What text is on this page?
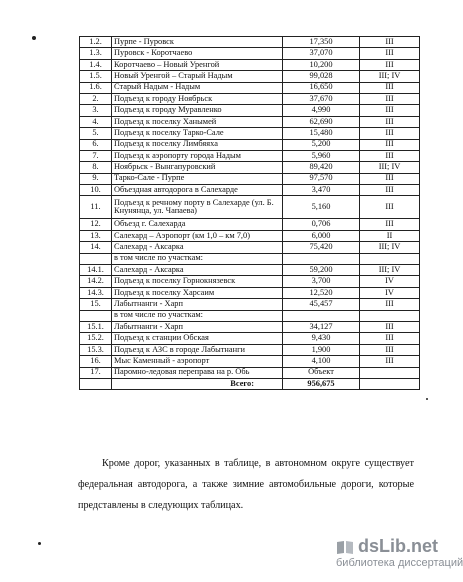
1.2.	Пурпе - Пуровск	17,350	III
1.3.	Пуровск - Коротчаево	37,070	III
1.4.	Коротчаево – Новый Уренгой	10,200	III
1.5.	Новый Уренгой – Старый Надым	99,028	III; IV
1.6.	Старый Надым - Надым	16,650	III
2.	Подъезд к городу Ноябрьск	37,670	III
3.	Подъезд к городу Муравленко	4,990	III
4.	Подъезд к поселку Ханымей	62,690	III
5.	Подъезд к поселку Тарко-Сале	15,480	III
6.	Подъезд к поселку Лимбяяха	5,200	III
7.	Подъезд к аэропорту города Надым	5,960	III
8.	Ноябрьск - Вынгапуровский	89,420	III; IV
9.	Тарко-Сале - Пурпе	97,570	III
10.	Объездная автодорога в Салехарде	3,470	III
11.	Подъезд к речному порту в Салехарде (ул. Б. Кнунянца, ул. Чапаева)	5,160	III
12.	Объезд г. Салехарда	0,706	III
13.	Салехард – Аэропорт (км 1,0 – км 7,0)	6,000	II
14.	Салехард - Аксарка	75,420	III; IV
	в том числе по участкам:		
14.1.	Салехард - Аксарка	59,200	III; IV
14.2.	Подъезд к поселку Горнокнязевск	3,700	IV
14.3.	Подъезд к поселку Харсаим	12,520	IV
15.	Лабытнанги - Харп	45,457	III
	в том числе по участкам:		
15.1.	Лабытнанги - Харп	34,127	III
15.2.	Подъезд к станции Обская	9,430	III
15.3.	Подъезд к АЗС в городе Лабытнанги	1,900	III
16.	Мыс Каменный - аэропорт	4,100	III
17.	Паромно-ледовая переправа на р. Обь	Объект	
	Всего:	956,675	
Кроме дорог, указанных в таблице, в автономном округе существует федеральная автодорога, а также зимние автомобильные дороги, которые представлены в следующих таблицах.
dsLib.net
библиотека диссертаций
